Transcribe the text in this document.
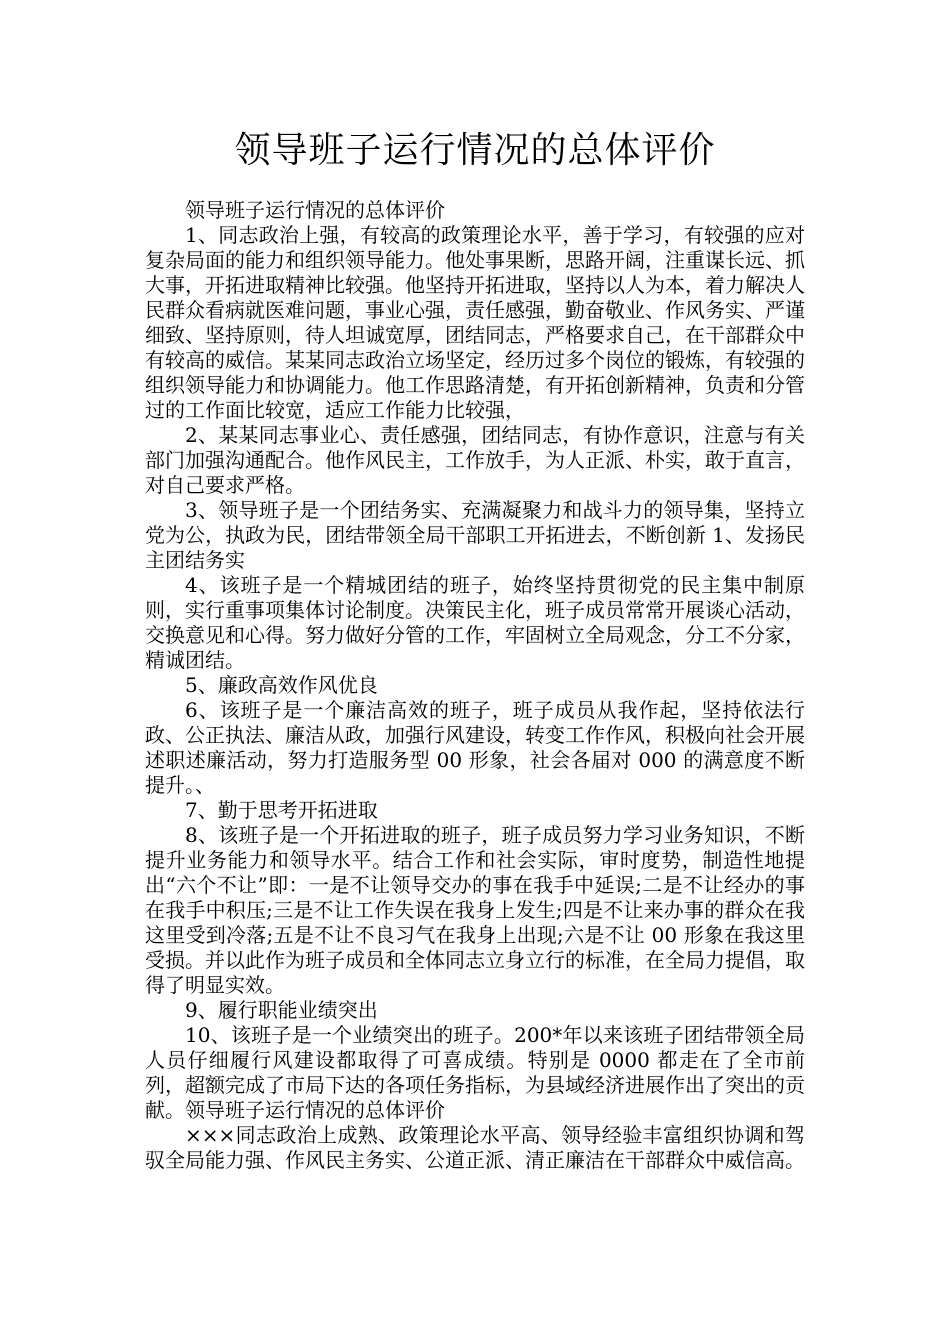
领导班子运行情况的总体评价

领导班子运行情况的总体评价

1、同志政治上强，有较高的政策理论水平，善于学习，有较强的应对复杂局面的能力和组织领导能力。他处事果断，思路开阔，注重谋长远、抓大事，开拓进取精神比较强。他坚持开拓进取，坚持以人为本，着力解决人民群众看病就医难问题，事业心强，责任感强，勤奋敬业、作风务实、严谨细致、坚持原则，待人坦诚宽厚，团结同志，严格要求自己，在干部群众中有较高的威信。某某同志政治立场坚定，经历过多个岗位的锻炼，有较强的组织领导能力和协调能力。他工作思路清楚，有开拓创新精神，负责和分管过的工作面比较宽，适应工作能力比较强，

2、某某同志事业心、责任感强，团结同志，有协作意识，注意与有关部门加强沟通配合。他作风民主，工作放手，为人正派、朴实，敢于直言，对自己要求严格。

3、领导班子是一个团结务实、充满凝聚力和战斗力的领导集，坚持立党为公，执政为民，团结带领全局干部职工开拓进去，不断创新 1、发扬民主团结务实

4、该班子是一个精城团结的班子，始终坚持贯彻党的民主集中制原则，实行重事项集体讨论制度。决策民主化，班子成员常常开展谈心活动，交换意见和心得。努力做好分管的工作，牢固树立全局观念，分工不分家，精诚团结。

5、廉政高效作风优良

6、该班子是一个廉洁高效的班子，班子成员从我作起，坚持依法行政、公正执法、廉洁从政，加强行风建设，转变工作作风，积极向社会开展述职述廉活动，努力打造服务型 00 形象，社会各届对 000 的满意度不断提升。、

7、勤于思考开拓进取

8、该班子是一个开拓进取的班子，班子成员努力学习业务知识，不断提升业务能力和领导水平。结合工作和社会实际，审时度势，制造性地提出“六个不让”即：一是不让领导交办的事在我手中延误;二是不让经办的事在我手中积压;三是不让工作失误在我身上发生;四是不让来办事的群众在我这里受到冷落;五是不让不良习气在我身上出现;六是不让 00 形象在我这里受损。并以此作为班子成员和全体同志立身立行的标准，在全局力提倡，取得了明显实效。

9、履行职能业绩突出

10、该班子是一个业绩突出的班子。200*年以来该班子团结带领全局人员仔细履行风建设都取得了可喜成绩。特别是 0000 都走在了全市前列，超额完成了市局下达的各项任务指标，为县域经济进展作出了突出的贡献。领导班子运行情况的总体评价

×××同志政治上成熟、政策理论水平高、领导经验丰富组织协调和驾驭全局能力强、作风民主务实、公道正派、清正廉洁在干部群众中威信高。
